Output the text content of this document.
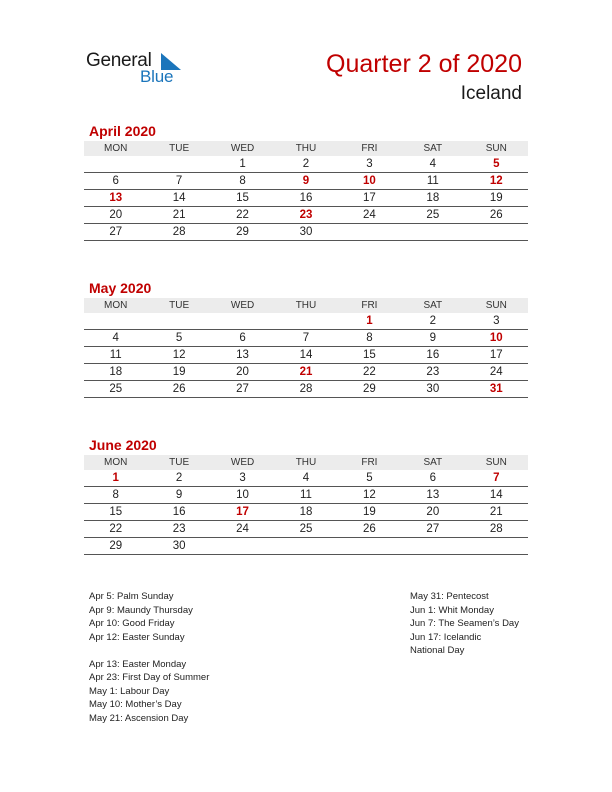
General
Blue	Quarter 2 of 2020
Iceland
April 2020
MON	TUE	WED	THU	FRI	SAT	SUN
		1	2	3	4	5
6	7	8	9	10	11	12
13	14	15	16	17	18	19
20	21	22	23	24	25	26
27	28	29	30			
May 2020
MON	TUE	WED	THU	FRI	SAT	SUN
				1	2	3
4	5	6	7	8	9	10
11	12	13	14	15	16	17
18	19	20	21	22	23	24
25	26	27	28	29	30	31
June 2020
MON	TUE	WED	THU	FRI	SAT	SUN
1	2	3	4	5	6	7
8	9	10	11	12	13	14
15	16	17	18	19	20	21
22	23	24	25	26	27	28
29	30					
Apr 5: Palm Sunday
Apr 9: Maundy Thursday
Apr 10: Good Friday
Apr 12: Easter Sunday
Apr 13: Easter Monday
Apr 23: First Day of Summer
May 1: Labour Day
May 10: Mother’s Day
May 21: Ascension Day
May 31: Pentecost
Jun 1: Whit Monday
Jun 7: The Seamen’s Day
Jun 17: Icelandic
National Day
